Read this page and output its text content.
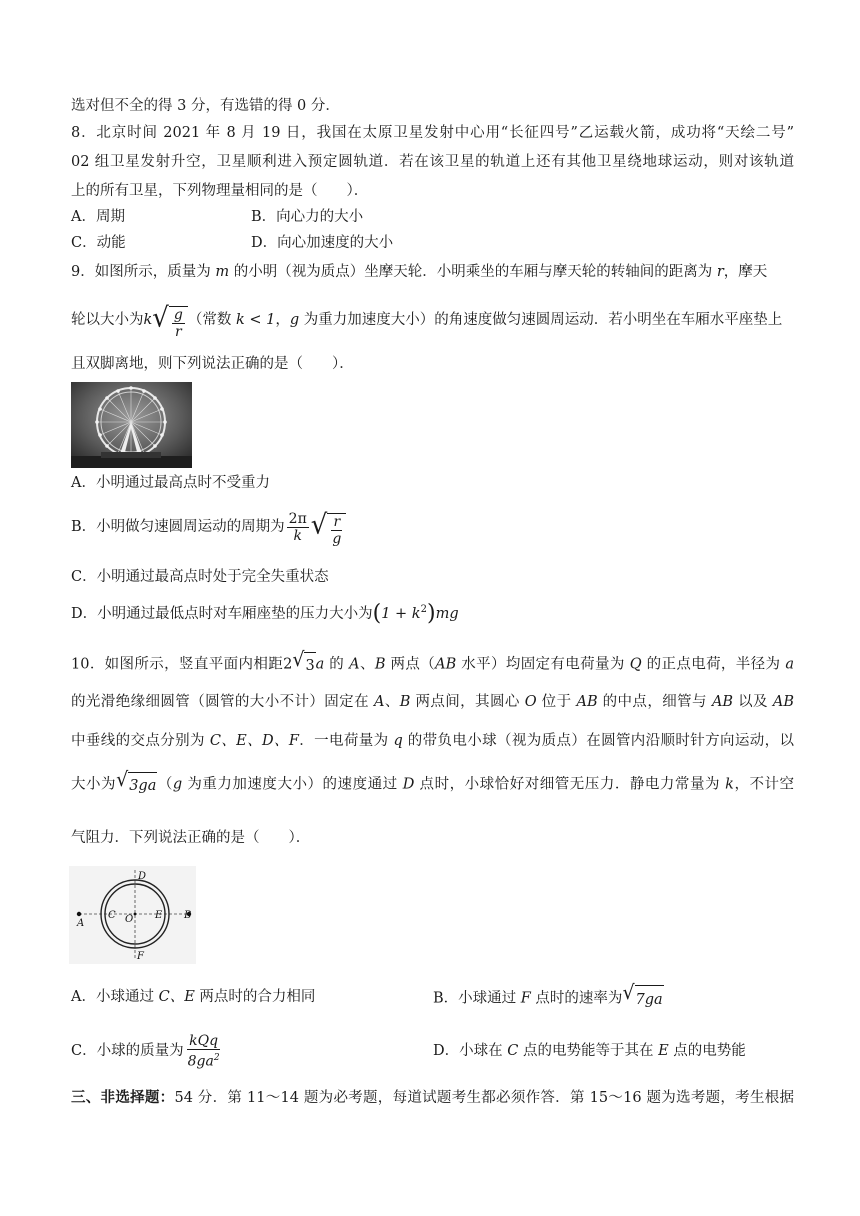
选对但不全的得 3 分，有选错的得 0 分．
8．北京时间 2021 年 8 月 19 日，我国在太原卫星发射中心用“长征四号”乙运载火箭，成功将“天绘二号”
02 组卫星发射升空，卫星顺利进入预定圆轨道．若在该卫星的轨道上还有其他卫星绕地球运动，则对该轨道
上的所有卫星，下列物理量相同的是（　　）．
A．周期	B．向心力的大小
C．动能	D．向心加速度的大小
9．如图所示，质量为 m 的小明（视为质点）坐摩天轮．小明乘坐的车厢与摩天轮的转轴间的距离为 r，摩天
轮以大小为k √ $\frac{g}{r}$ （常数 k < 1，g 为重力加速度大小）的角速度做匀速圆周运动．若小明坐在车厢水平座垫上
且双脚离地，则下列说法正确的是（　　）．
A．小明通过最高点时不受重力
B．小明做匀速圆周运动的周期为 $\frac{2\pi}{k}$ √ $\frac{r}{g}$
C．小明通过最高点时处于完全失重状态
D．小明通过最低点时对车厢座垫的压力大小为$(1 + k^2)mg$
10．如图所示，竖直平面内相距2 √ 3 a 的 A、B 两点（AB 水平）均固定有电荷量为 Q 的正点电荷，半径为 a
的光滑绝缘细圆管（圆管的大小不计）固定在 A、B 两点间，其圆心 O 位于 AB 的中点，细管与 AB 以及 AB
中垂线的交点分别为 C、E、D、F．一电荷量为 q 的带负电小球（视为质点）在圆管内沿顺时针方向运动，以
大小为 √ 3ga （g 为重力加速度大小）的速度通过 D 点时，小球恰好对细管无压力．静电力常量为 k，不计空
气阻力．下列说法正确的是（　　）．
A
C O E B
D
F
A．小球通过 C、E 两点时的合力相同	B．小球通过 F 点时的速率为 √ 7ga
C．小球的质量为 $\frac{\text{kQq}}{8ga^2}$	D．小球在 C 点的电势能等于其在 E 点的电势能
三、非选择题：54 分．第 11～14 题为必考题，每道试题考生都必须作答．第 15～16 题为选考题，考生根据
